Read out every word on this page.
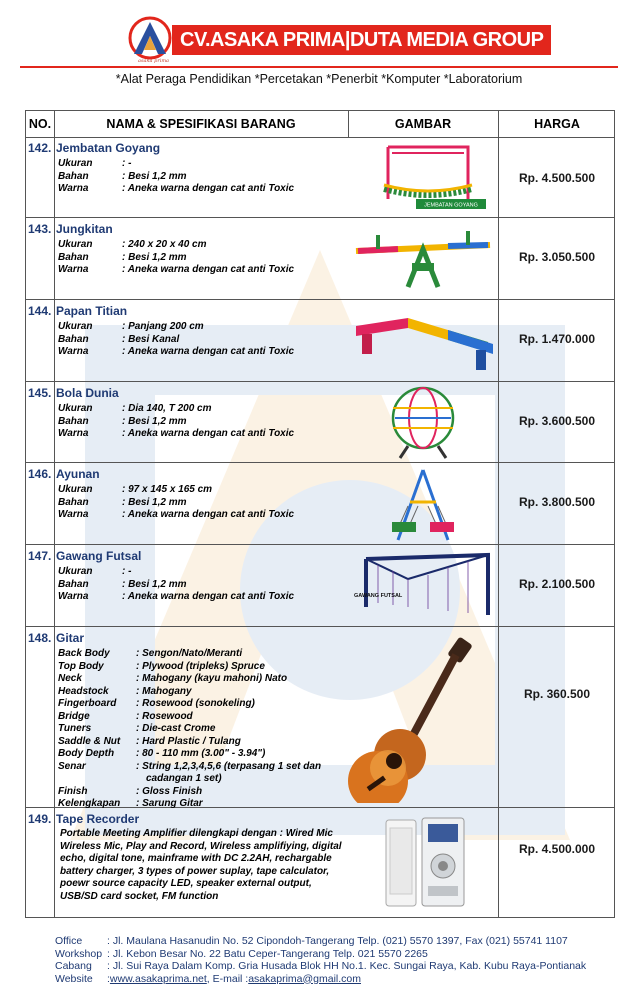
asaka prima
CV.ASAKA PRIMA|DUTA MEDIA GROUP
*Alat Peraga Pendidikan *Percetakan *Penerbit *Komputer *Laboratorium
NO.	NAMA & SPESIFIKASI BARANG	GAMBAR	HARGA
142. Jembatan Goyang
Ukuran	: -
Bahan	: Besi 1,2 mm
Warna	: Aneka warna dengan cat anti Toxic
JEMBATAN GOYANG
Rp. 4.500.500
143. Jungkitan
Ukuran	: 240 x 20 x 40 cm
Bahan	: Besi 1,2 mm
Warna	: Aneka warna dengan cat anti Toxic
Rp. 3.050.500
144. Papan Titian
Ukuran	: Panjang 200 cm
Bahan	: Besi Kanal
Warna	: Aneka warna dengan cat anti Toxic
Rp. 1.470.000
145. Bola Dunia
Ukuran	: Dia 140, T 200 cm
Bahan	: Besi 1,2 mm
Warna	: Aneka warna dengan cat anti Toxic
Rp. 3.600.500
146. Ayunan
Ukuran	: 97 x 145 x 165 cm
Bahan	: Besi 1,2 mm
Warna	: Aneka warna dengan cat anti Toxic
Rp. 3.800.500
147. Gawang Futsal
Ukuran	: -
Bahan	: Besi 1,2 mm
Warna	: Aneka warna dengan cat anti Toxic	GAWANG FUTSAL
Rp. 2.100.500
148. Gitar
Back Body	: Sengon/Nato/Meranti
Top Body	: Plywood (tripleks) Spruce
Neck	: Mahogany (kayu mahoni) Nato
Headstock	: Mahogany
Fingerboard	: Rosewood (sonokeling)
Bridge	: Rosewood
Tuners	: Die-cast Crome
Saddle & Nut	: Hard Plastic / Tulang
Body Depth	: 80 - 110 mm (3.00" - 3.94")
Senar	: String 1,2,3,4,5,6 (terpasang 1 set dan
cadangan 1 set)
Finish	: Gloss Finish
Kelengkapan	: Sarung Gitar
Rp. 360.500
149. Tape Recorder
Portable Meeting Amplifier dilengkapi dengan : Wired Mic Wireless Mic, Play and Record, Wireless amplifiying, digital echo, digital tone, mainframe with DC 2.2AH, rechargable battery charger, 3 types of power suplay, tape calculator, poewr source capacity LED, speaker external output, USB/SD card socket, FM function
Rp. 4.500.000
Office	: Jl. Maulana Hasanudin No. 52 Cipondoh-Tangerang Telp. (021) 5570 1397, Fax (021) 55741 1107
Workshop : Jl. Kebon Besar No. 22 Batu Ceper-Tangerang Telp. 021 5570 2265
Cabang	: Jl. Sui Raya Dalam Komp. Gria Husada Blok HH No.1. Kec. Sungai Raya, Kab. Kubu Raya-Pontianak
Website	: www.asakaprima.net , E-mail : asakaprima@gmail.com
